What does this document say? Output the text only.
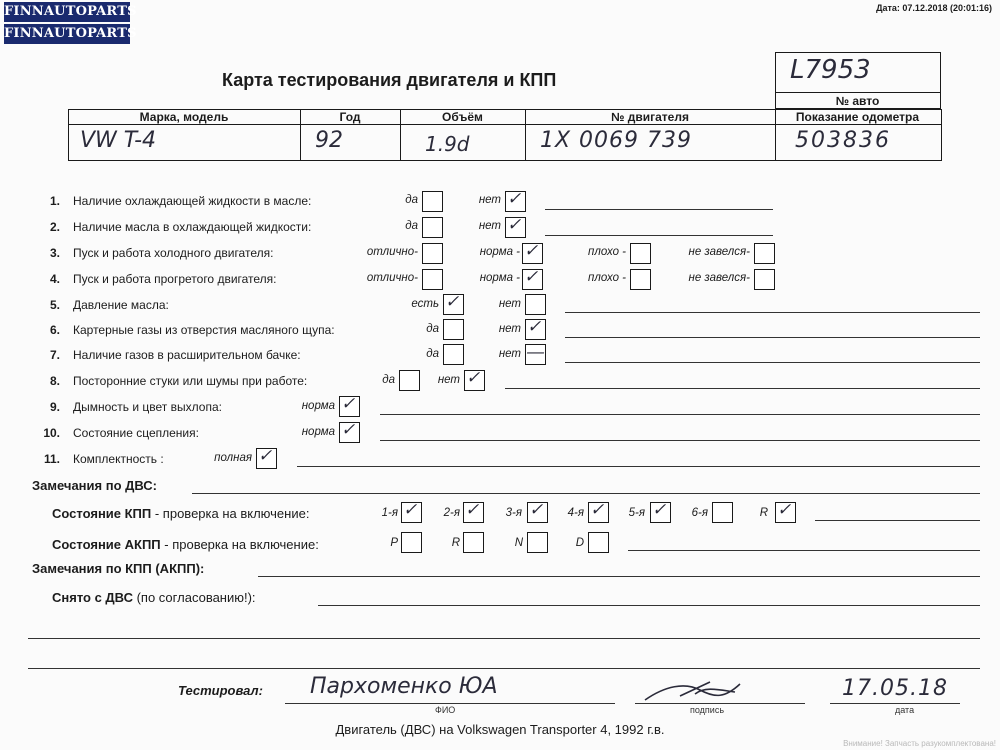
FINNAUTOPARTS
FINNAUTOPARTS
Дата: 07.12.2018 (20:01:16)
Карта тестирования двигателя и КПП	L7953
№ авто
Марка, модель	Год	Объём	№ двигателя	Показание одометра
VW T-4	92	1.9d	1X 0069 739	503836
1. Наличие охлаждающей жидкости в масле:	да	нет ✓
2. Наличие масла в охлаждающей жидкости:	да	нет ✓
3. Пуск и работа холодного двигателя:	отлично-	норма - ✓	плохо -	не завелся-
4. Пуск и работа прогретого двигателя:	отлично-	норма - ✓	плохо -	не завелся-
5. Давление масла:	есть ✓	нет
6. Картерные газы из отверстия масляного щупа:	да	нет ✓
7. Наличие газов в расширительном бачке:	да	нет —
8. Посторонние стуки или шумы при работе:	да	нет ✓
9. Дымность и цвет выхлопа:	норма ✓
10. Состояние сцепления:	норма ✓
11. Комплектность :	полная ✓
Замечания по ДВС:
Состояние КПП - проверка на включение:	1-я ✓	2-я ✓	3-я ✓	4-я ✓	5-я ✓	6-я	R ✓
Состояние АКПП - проверка на включение:	P	R	N	D
Замечания по КПП (АКПП):
Снято с ДВС (по согласованию!):
Тестировал: Пархоменко ЮА	17.05.18
ФИО	подпись	дата
Двигатель (ДВС) на Volkswagen Transporter 4, 1992 г.в.
Внимание! Запчасть разукомплектована!
